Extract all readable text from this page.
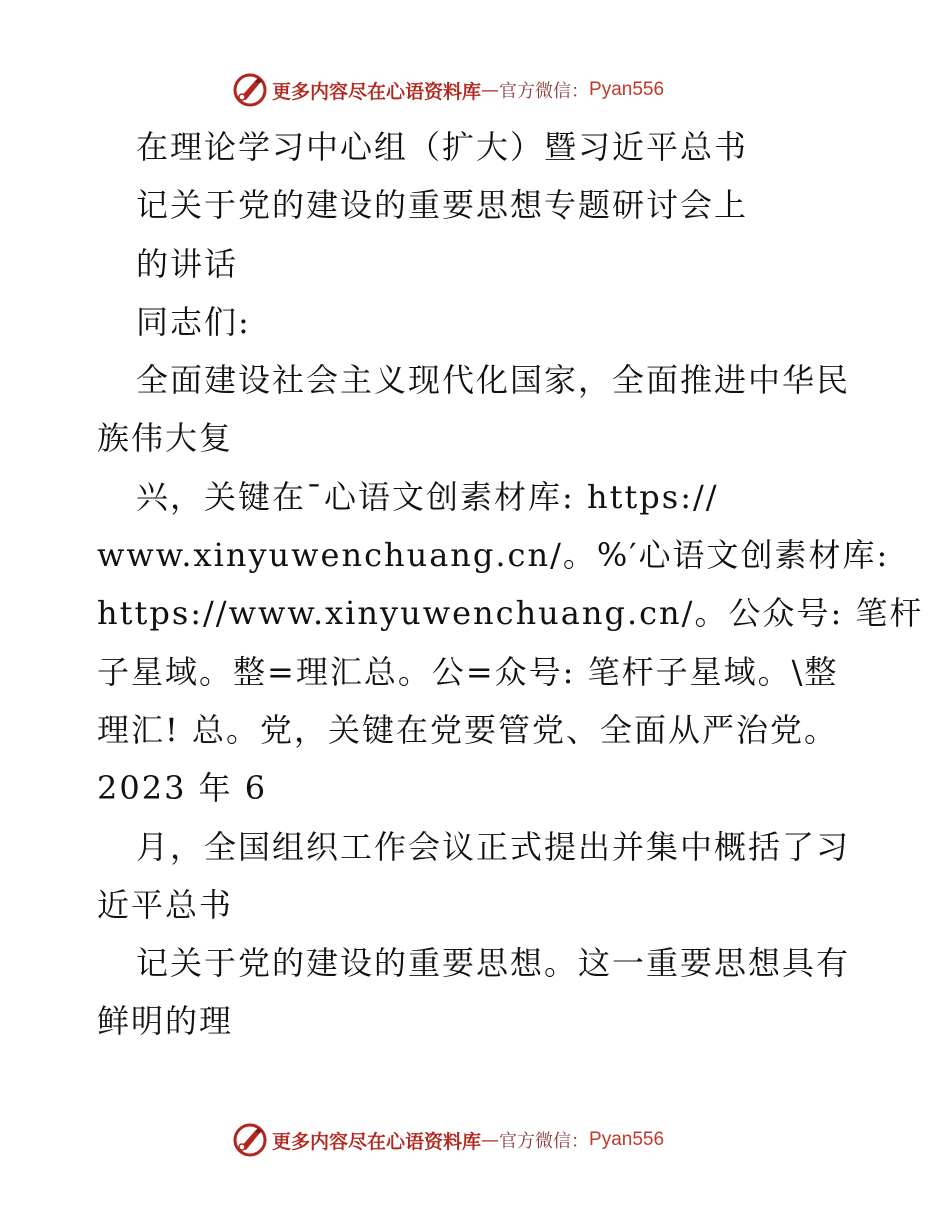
更多内容尽在心语资料库 — 官方微信： Pyan556
在理论学习中心组（扩大）暨习近平总书
记关于党的建设的重要思想专题研讨会上
的讲话
同志们:
全面建设社会主义现代化国家，全面推进中华民
族伟大复
兴，关键在¯心语文创素材库: https://
www.xinyuwenchuang.cn/。%′心语文创素材库:
https://www.xinyuwenchuang.cn/。公众号: 笔杆
子星域。整=理汇总。公=众号: 笔杆子星域。\整
理汇! 总。党，关键在党要管党、全面从严治党。
2023 年 6
月，全国组织工作会议正式提出并集中概括了习
近平总书
记关于党的建设的重要思想。这一重要思想具有
鲜明的理
更多内容尽在心语资料库 — 官方微信： Pyan556
